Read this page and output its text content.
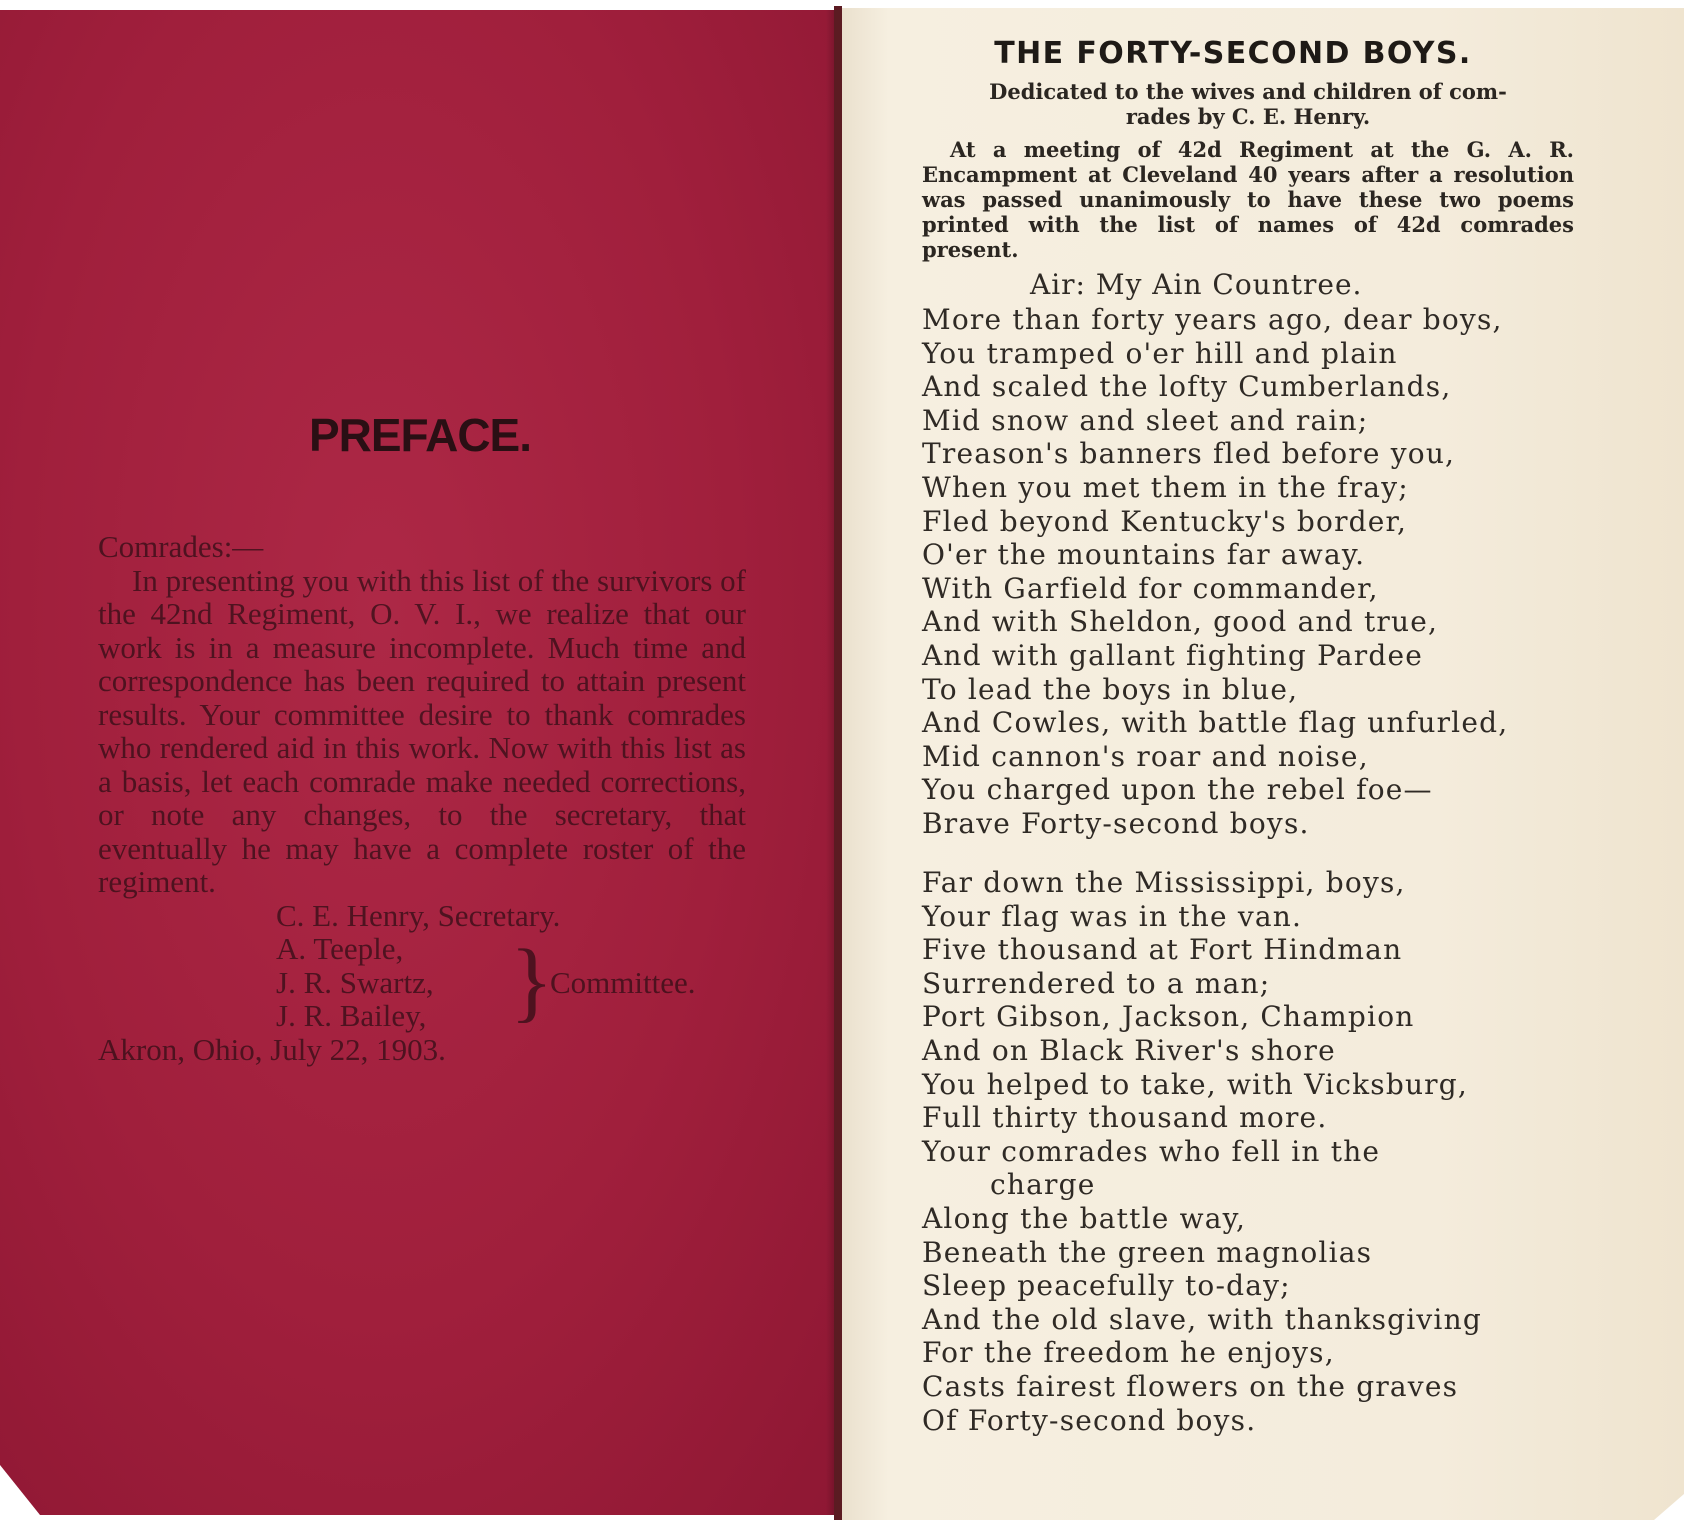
PREFACE.
Comrades:—

In presenting you with this list of the survivors of the 42nd Regiment, O. V. I., we realize that our work is in a measure incomplete. Much time and correspondence has been required to attain present results. Your committee desire to thank comrades who rendered aid in this work. Now with this list as a basis, let each comrade make needed corrections, or note any changes, to the secretary, that eventually he may have a complete roster of the regiment.

C. E. Henry, Secretary.
A. Teeple,
J. R. Swartz,
J. R. Bailey, }
Committee.
Akron, Ohio, July 22, 1903.
THE FORTY-SECOND BOYS.
Dedicated to the wives and children of com-
rades by C. E. Henry.

At a meeting of 42d Regiment at the G. A. R. Encampment at Cleveland 40 years after a resolution was passed unanimously to have these two poems printed with the list of names of 42d comrades present.

Air: My Ain Countree.
More than forty years ago, dear boys,
You tramped o'er hill and plain
And scaled the lofty Cumberlands,
Mid snow and sleet and rain;
Treason's banners fled before you,
When you met them in the fray;
Fled beyond Kentucky's border,
O'er the mountains far away.
With Garfield for commander,
And with Sheldon, good and true,
And with gallant fighting Pardee
To lead the boys in blue,
And Cowles, with battle flag unfurled,
Mid cannon's roar and noise,
You charged upon the rebel foe—
Brave Forty-second boys.
Far down the Mississippi, boys,
Your flag was in the van.
Five thousand at Fort Hindman
Surrendered to a man;
Port Gibson, Jackson, Champion
And on Black River's shore
You helped to take, with Vicksburg,
Full thirty thousand more.
Your comrades who fell in the
charge
Along the battle way,
Beneath the green magnolias
Sleep peacefully to-day;
And the old slave, with thanksgiving
For the freedom he enjoys,
Casts fairest flowers on the graves
Of Forty-second boys.
